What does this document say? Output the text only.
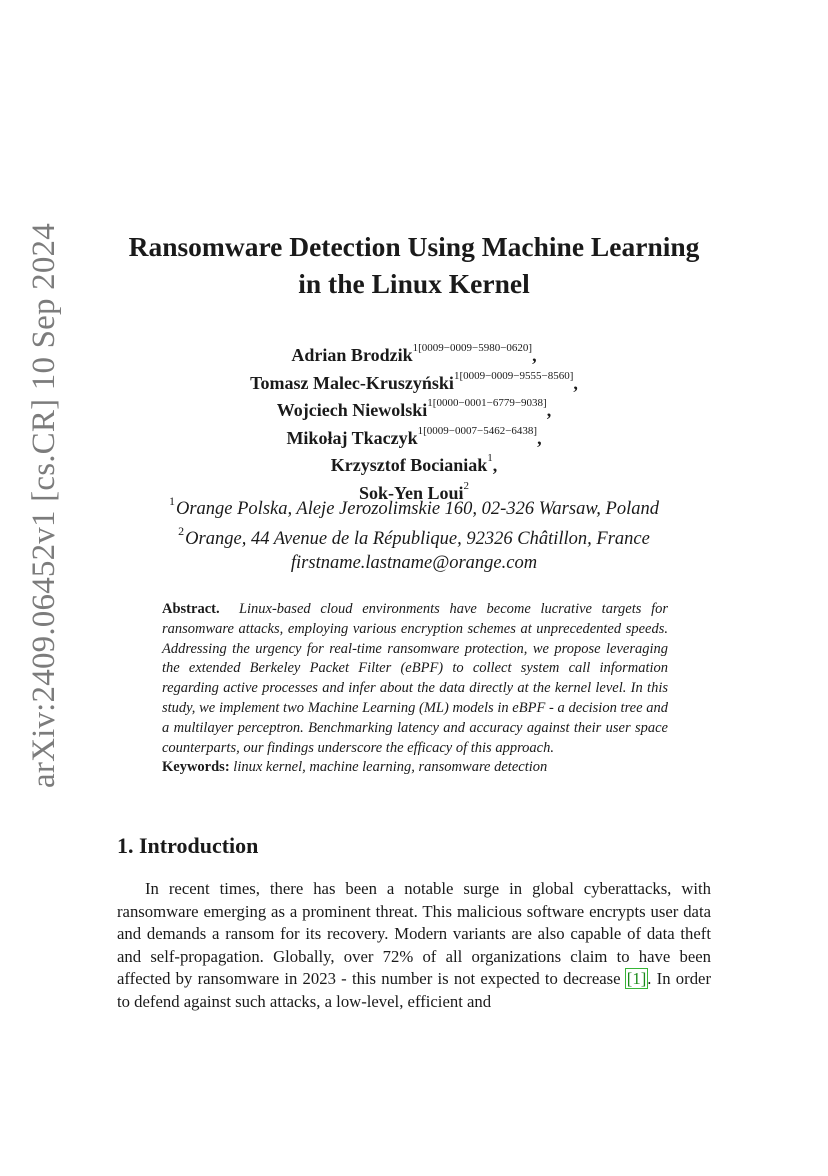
arXiv:2409.06452v1 [cs.CR] 10 Sep 2024	Ransomware Detection Using Machine Learning
in the Linux Kernel
Adrian Brodzik$^{1[0009-0009-5980-0620]}$,
Tomasz Malec-Kruszyński$^{1[0009-0009-9555-8560]}$,
Wojciech Niewolski$^{1[0000-0001-6779-9038]}$,
Mikołaj Tkaczyk$^{1[0009-0007-5462-6438]}$,
Krzysztof Bocianiak$^1$,
Sok-Yen Loui$^2$
$^1$Orange Polska, Aleje Jerozolimskie 160, 02-326 Warsaw, Poland
$^2$Orange, 44 Avenue de la République, 92326 Châtillon, France
firstname.lastname@orange.com
Abstract. Linux-based cloud environments have become lucrative targets for ransomware attacks, employing various encryption schemes at unprecedented speeds. Addressing the urgency for real-time ransomware protection, we propose leveraging the extended Berkeley Packet Filter (eBPF) to collect system call information regarding active processes and infer about the data directly at the kernel level. In this study, we implement two Machine Learning (ML) models in eBPF - a decision tree and a multilayer perceptron. Benchmarking latency and accuracy against their user space counterparts, our findings underscore the efficacy of this approach.
Keywords: linux kernel, machine learning, ransomware detection
1. Introduction

In recent times, there has been a notable surge in global cyberattacks, with ransomware emerging as a prominent threat. This malicious software encrypts user data and demands a ransom for its recovery. Modern variants are also capable of data theft and self-propagation. Globally, over 72% of all organizations claim to have been affected by ransomware in 2023 - this number is not expected to decrease [1]. In order to defend against such attacks, a low-level, efficient and
